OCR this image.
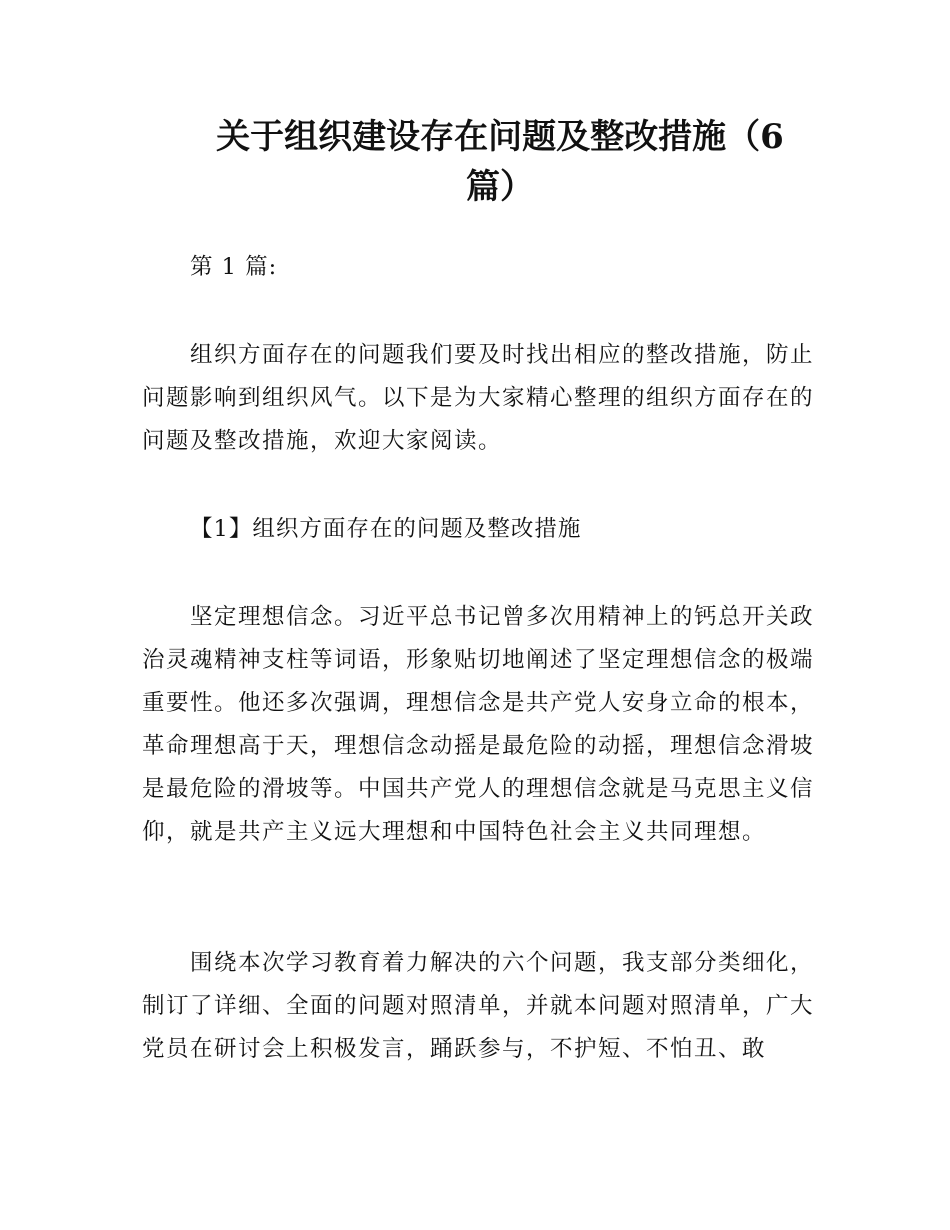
关于组织建设存在问题及整改措施（6篇）

第 1 篇:

组织方面存在的问题我们要及时找出相应的整改措施，防止问题影响到组织风气。以下是为大家精心整理的组织方面存在的问题及整改措施，欢迎大家阅读。

【1】组织方面存在的问题及整改措施

坚定理想信念。习近平总书记曾多次用精神上的钙总开关政治灵魂精神支柱等词语，形象贴切地阐述了坚定理想信念的极端重要性。他还多次强调，理想信念是共产党人安身立命的根本，革命理想高于天，理想信念动摇是最危险的动摇，理想信念滑坡是最危险的滑坡等。中国共产党人的理想信念就是马克思主义信仰，就是共产主义远大理想和中国特色社会主义共同理想。

围绕本次学习教育着力解决的六个问题，我支部分类细化，制订了详细、全面的问题对照清单，并就本问题对照清单，广大党员在研讨会上积极发言，踊跃参与，不护短、不怕丑、敢
